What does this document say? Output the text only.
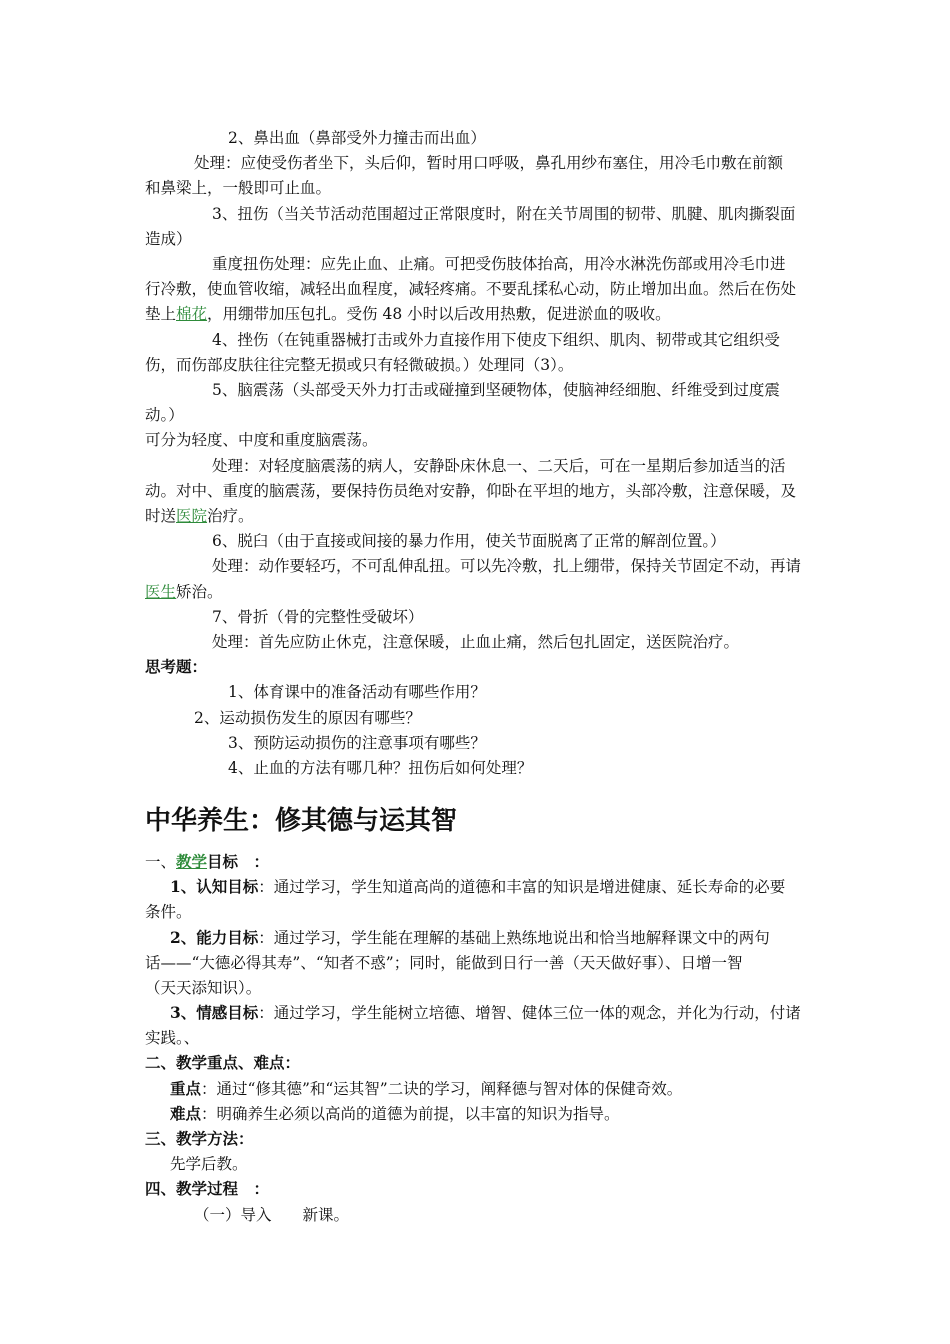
2、鼻出血（鼻部受外力撞击而出血）
处理：应使受伤者坐下，头后仰，暂时用口呼吸，鼻孔用纱布塞住，用冷毛巾敷在前额
和鼻梁上，一般即可止血。
3、扭伤（当关节活动范围超过正常限度时，附在关节周围的韧带、肌腱、肌肉撕裂面
造成）
重度扭伤处理：应先止血、止痛。可把受伤肢体抬高，用冷水淋洗伤部或用冷毛巾进
行冷敷，使血管收缩，减轻出血程度，减轻疼痛。不要乱揉私心动，防止增加出血。然后在伤处
垫上棉花，用绷带加压包扎。受伤 48 小时以后改用热敷，促进淤血的吸收。
4、挫伤（在钝重器械打击或外力直接作用下使皮下组织、肌肉、韧带或其它组织受
伤，而伤部皮肤往往完整无损或只有轻微破损。）处理同（3）。
5、脑震荡（头部受天外力打击或碰撞到坚硬物体，使脑神经细胞、纤维受到过度震
动。）
可分为轻度、中度和重度脑震荡。
处理：对轻度脑震荡的病人，安静卧床休息一、二天后，可在一星期后参加适当的活
动。对中、重度的脑震荡，要保持伤员绝对安静，仰卧在平坦的地方，头部冷敷，注意保暖，及
时送医院治疗。
6、脱臼（由于直接或间接的暴力作用，使关节面脱离了正常的解剖位置。）
处理：动作要轻巧，不可乱伸乱扭。可以先冷敷，扎上绷带，保持关节固定不动，再请
医生矫治。
7、骨折（骨的完整性受破坏）
处理：首先应防止休克，注意保暖，止血止痛，然后包扎固定，送医院治疗。
思考题：
1、体育课中的准备活动有哪些作用？
2、运动损伤发生的原因有哪些？
3、预防运动损伤的注意事项有哪些？
4、止血的方法有哪几种？扭伤后如何处理？
中华养生：修其德与运其智
一、教学目标　：
1、认知目标：通过学习，学生知道高尚的道德和丰富的知识是增进健康、延长寿命的必要
条件。
2、能力目标：通过学习，学生能在理解的基础上熟练地说出和恰当地解释课文中的两句
话——“大德必得其寿”、“知者不惑”；同时，能做到日行一善（天天做好事）、日增一智
（天天添知识）。
3、情感目标：通过学习，学生能树立培德、增智、健体三位一体的观念，并化为行动，付诸
实践。、
二、教学重点、难点：
重点：通过“修其德”和“运其智”二诀的学习，阐释德与智对体的保健奇效。
难点：明确养生必须以高尚的道德为前提，以丰富的知识为指导。
三、教学方法：
先学后教。
四、教学过程　：
（一）导入　　新课。
